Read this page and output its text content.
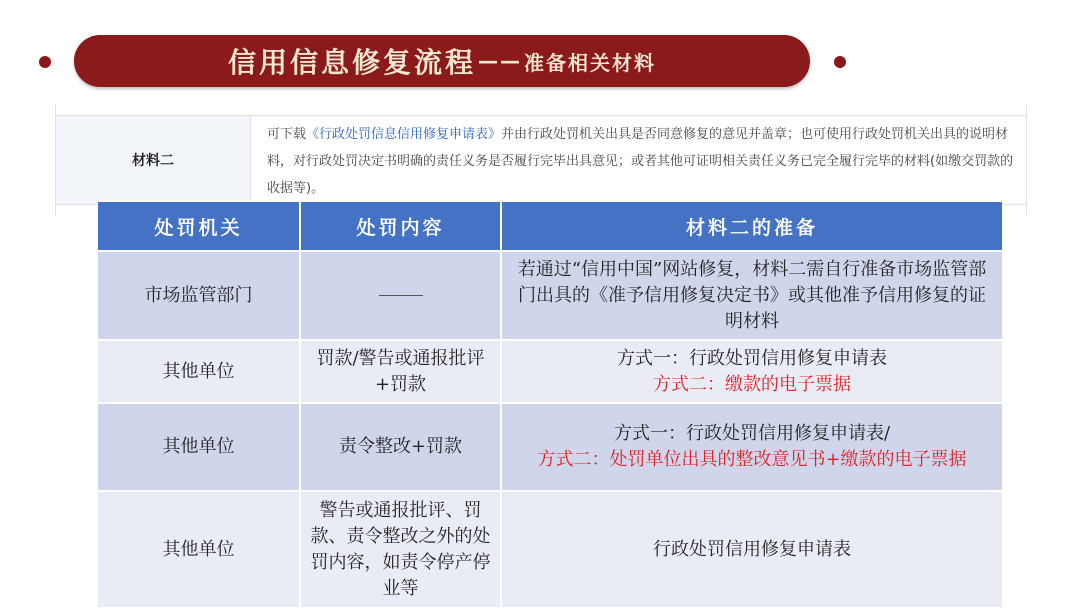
信用信息修复流程 —— 准备相关材料
材料二
可下载《行政处罚信息信用修复申请表》并由行政处罚机关出具是否同意修复的意见并盖章；也可使用行政处罚机关出具的说明材料，对行政处罚决定书明确的责任义务是否履行完毕出具意见；或者其他可证明相关责任义务已完全履行完毕的材料(如缴交罚款的收据等)。
处罚机关	处罚内容	材料二的准备
市场监管部门		若通过“信用中国”网站修复，材料二需自行准备市场监管部门出具的《准予信用修复决定书》或其他准予信用修复的证明材料

其他单位	罚款/警告或通报批评+罚款	方式一：行政处罚信用修复申请表
方式二：缴款的电子票据

其他单位	责令整改+罚款	方式一：行政处罚信用修复申请表/
方式二：处罚单位出具的整改意见书+缴款的电子票据

其他单位	警告或通报批评、罚款、责令整改之外的处罚内容，如责令停产停业等	行政处罚信用修复申请表
